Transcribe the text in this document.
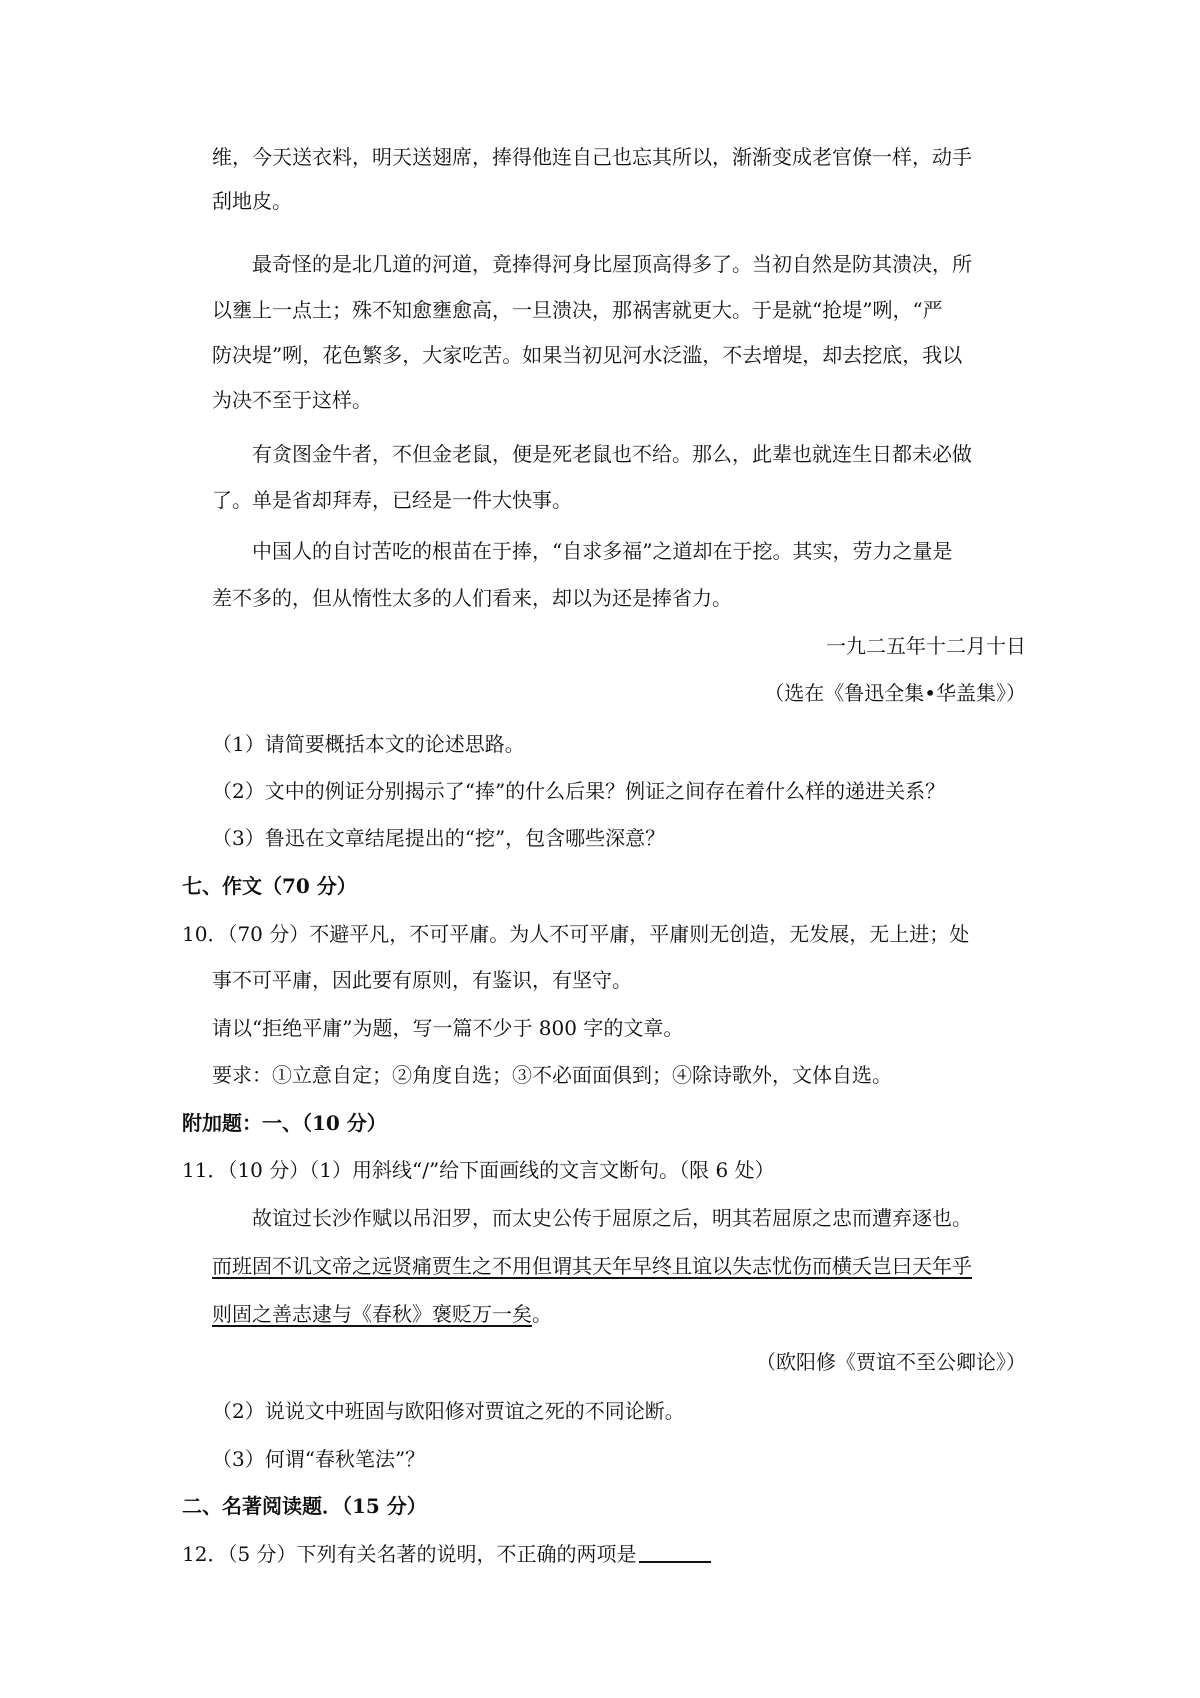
维，今天送衣料，明天送翅席，捧得他连自己也忘其所以，渐渐变成老官僚一样，动手
刮地皮。
最奇怪的是北几道的河道，竟捧得河身比屋顶高得多了。当初自然是防其溃决，所
以壅上一点土；殊不知愈壅愈高，一旦溃决，那祸害就更大。于是就“抢堤”咧，“严
防决堤”咧，花色繁多，大家吃苦。如果当初见河水泛滥，不去增堤，却去挖底，我以
为决不至于这样。
有贪图金牛者，不但金老鼠，便是死老鼠也不给。那么，此辈也就连生日都未必做
了。单是省却拜寿，已经是一件大快事。
中国人的自讨苦吃的根苗在于捧，“自求多福”之道却在于挖。其实，劳力之量是
差不多的，但从惰性太多的人们看来，却以为还是捧省力。
一九二五年十二月十日
（选在《鲁迅全集•华盖集》）
（1）请简要概括本文的论述思路。
（2）文中的例证分别揭示了“捧”的什么后果？例证之间存在着什么样的递进关系？
（3）鲁迅在文章结尾提出的“挖”，包含哪些深意？
七、作文（70 分）
10．（70 分）不避平凡，不可平庸。为人不可平庸，平庸则无创造，无发展，无上进；处
事不可平庸，因此要有原则，有鉴识，有坚守。
请以“拒绝平庸”为题，写一篇不少于 800 字的文章。
要求：①立意自定；②角度自选；③不必面面俱到；④除诗歌外，文体自选。
附加题：一、（10 分）
11．（10 分）（1）用斜线“/”给下面画线的文言文断句。（限 6 处）
故谊过长沙作赋以吊汨罗，而太史公传于屈原之后，明其若屈原之忠而遭弃逐也。
而班固不讥文帝之远贤痛贾生之不用但谓其天年早终且谊以失志忧伤而横夭岂曰天年乎
则固之善志逮与《春秋》褒贬万一矣。
（欧阳修《贾谊不至公卿论》）
（2）说说文中班固与欧阳修对贾谊之死的不同论断。
（3）何谓“春秋笔法”？
二、名著阅读题．（15 分）
12．（5 分）下列有关名著的说明，不正确的两项是
